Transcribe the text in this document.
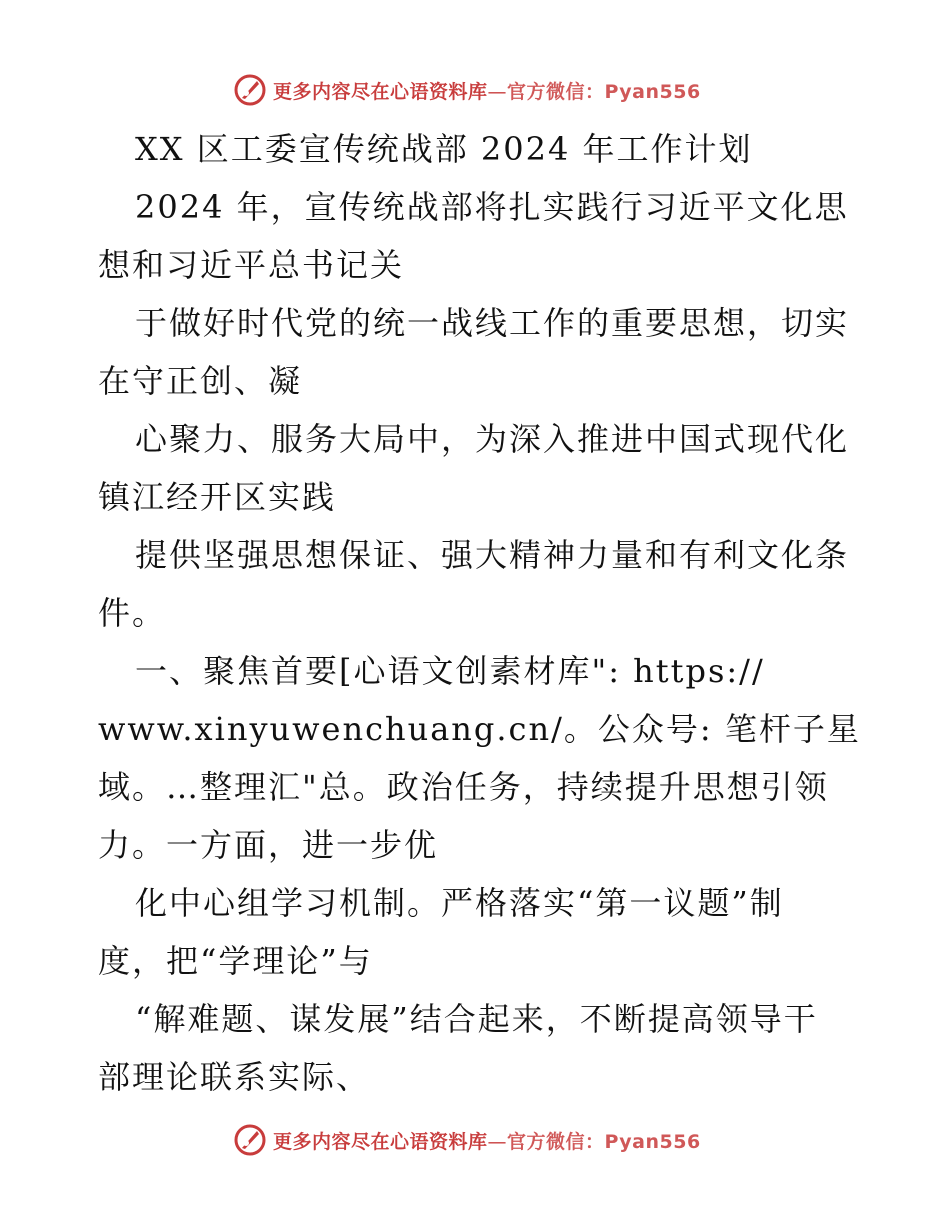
更多内容尽在心语资料库—官方微信：Pyan556
XX 区工委宣传统战部 2024 年工作计划
2024 年，宣传统战部将扎实践行习近平文化思
想和习近平总书记关
于做好时代党的统一战线工作的重要思想，切实
在守正创、凝
心聚力、服务大局中，为深入推进中国式现代化
镇江经开区实践
提供坚强思想保证、强大精神力量和有利文化条
件。
一、聚焦首要[心语文创素材库": https://
www.xinyuwenchuang.cn/。公众号: 笔杆子星
域。…整理汇"总。政治任务，持续提升思想引领
力。一方面，进一步优
化中心组学习机制。严格落实“第一议题”制
度，把“学理论”与
“解难题、谋发展”结合起来，不断提高领导干
部理论联系实际、
更多内容尽在心语资料库—官方微信：Pyan556
